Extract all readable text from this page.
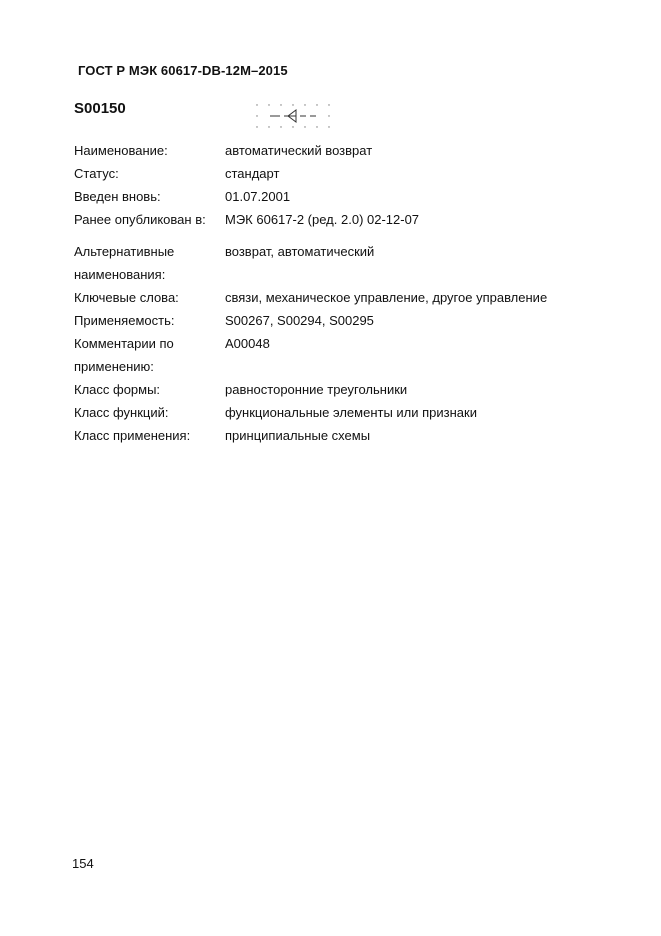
ГОСТ Р МЭК 60617-DB-12M–2015
S00150
Наименование:	автоматический возврат
Статус:	стандарт
Введен вновь:	01.07.2001
Ранее опубликован в:	МЭК 60617-2 (ред. 2.0) 02-12-07
Альтернативные наименования:
возврат, автоматический
Ключевые слова:	связи, механическое управление, другое управление
Применяемость:	S00267, S00294, S00295
Комментарии по применению:
A00048
Класс формы:	равносторонние треугольники
Класс функций:	функциональные элементы или признаки
Класс применения:	принципиальные схемы
154
